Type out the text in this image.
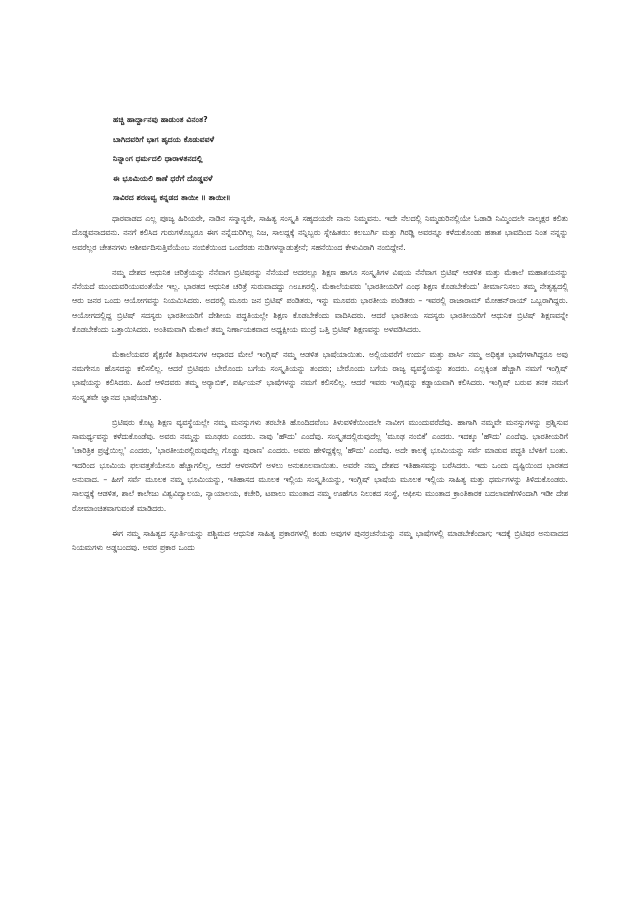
ಹಚ್ಚಿ ಹಾರ್ದ್ದಾನವು ಹಾಡುಂತ ವಿನಂತ?
ಬಾಗಿದವರಿಗೆ ಭಾಗ ಹೃದಯ ಕೊಡುವವಳೆ
ನಿನ್ನಾಂಗ ಧರ್ಮದಲಿ ಧಾರಾಳತನದಲ್ಲಿ
ಈ ಭೂಮಿಯಲಿ ಕಾಣೆ ಧರೆಗೆ ದೊಡ್ಡವಳೆ
ಸಾವಿರದ ಶರಣವ್ವ ಕನ್ನಡದ ತಾಯೀ ॥ ತಾಯೀ॥

ಧಾರವಾಡದ ಎಲ್ಲ ಪೂಜ್ಯ ಹಿರಿಯರೇ, ನಾಡಿನ ಸನ್ಮಾನ್ಯರೇ, ಸಾಹಿತ್ಯ ಸಂಸ್ಕೃತಿ ಸಹೃದಯರೇ ನಾನು ನಿಮ್ಮವನು. ಇದೇ ನೆಲದಲ್ಲಿ ನಿಮ್ಮಡುರಿನಲ್ಲಿಯೇ ಓಡಾಡಿ ನಿಮ್ಮಿಂದಲೇ ನಾಲ್ಕಕ್ಷರ ಕಲಿತು ದೊಡ್ಡವನಾದವನು. ನನಗೆ ಕಲಿಸಿದ ಗುರುಗಳೊಬ್ಬರೂ ಈಗ ನನ್ನೆದುರಿಗಿಲ್ಲ ನಿಜ, ಸಾಲದ್ದಕ್ಕೆ ನನ್ನಿಬ್ಬರು ಸ್ನೇಹಿತರು: ಕಲಬುರ್ಗಿ ಮತ್ತು ಗಿರಡ್ಡಿ ಅವರನ್ನೂ ಕಳೆದುಕೊಂಡು ಹತಾಶ ಭಾವದಿಂದ ನಿಂತ ನನ್ನನ್ನು ಅವರೆಲ್ಲರ ಚೇತನಗಳು ಆಶೀರ್ವದಿಸುತ್ತಿವೆಯೆಂಬ ನಂಬಿಕೆಯಿಂದ ಒಂದೆರಡು ನುಡಿಗಳನ್ನಾಡುತ್ತೇನೆ; ಸಹನೆಯಿಂದ ಕೇಳುವಿರಾಗಿ ನಂಬಿದ್ದೇನೆ.

ನಮ್ಮ ದೇಶದ ಆಧುನಿಕ ಚರಿತ್ರೆಯನ್ನು ನೆನೆವಾಗ ಬ್ರಿಟಿಷರನ್ನು ನೆನೆಯದೆ ಅದರಲ್ಲೂ ಶಿಕ್ಷಣ ಹಾಗೂ ಸಂಸ್ಕೃತಿಗಳ ವಿಷಯ ನೆನೆವಾಗ ಬ್ರಿಟಿಷ್ ಆಡಳಿತ ಮತ್ತು ಮೆಕಾಲೆ ಮಹಾಶಯನನ್ನು ನೆನೆಯದೆ ಮುಂದುವರಿಯುವಂತೆಯೇ ಇಲ್ಲ. ಭಾರತದ ಆಧುನಿಕ ಚರಿತ್ರೆ ಸುರುವಾದದ್ದು ೧೮೭೫ರಲ್ಲಿ. ಮೆಕಾಲೆಯವರು 'ಭಾರತೀಯರಿಗೆ ಎಂಥ ಶಿಕ್ಷಣ ಕೊಡಬೇಕೆಂದು' ತೀರ್ಮಾನಿಸಲು ತಮ್ಮ ನೇತೃತ್ವದಲ್ಲಿ ಆರು ಜನರ ಒಂದು ಆಯೋಗವನ್ನು ನಿಯಮಿಸಿದರು. ಅದರಲ್ಲಿ ಮೂರು ಜನ ಬ್ರಿಟಿಷ್ ಪಂಡಿತರು, ಇನ್ನು ಮೂವರು ಭಾರತೀಯ ಪಂಡಿತರು – ಇವರಲ್ಲಿ ರಾಜಾರಾಮ್ ಮೋಹನ್‌ರಾಯ್ ಒಬ್ಬರಾಗಿದ್ದರು. ಆಯೋಗದಲ್ಲಿದ್ದ ಬ್ರಿಟಿಷ್ ಸದಸ್ಯರು ಭಾರತೀಯರಿಗೆ ದೇಶೀಯ ಪದ್ಧತಿಯಲ್ಲೇ ಶಿಕ್ಷಣ ಕೊಡಬೇಕೆಂದು ವಾದಿಸಿದರು. ಆದರೆ ಭಾರತೀಯ ಸದಸ್ಯರು ಭಾರತೀಯರಿಗೆ ಆಧುನಿಕ ಬ್ರಿಟಿಷ್ ಶಿಕ್ಷಣವನ್ನೇ ಕೊಡಬೇಕೆಂದು ಒತ್ತಾಯಿಸಿದರು. ಅಂತಿಮವಾಗಿ ಮೆಕಾಲೆ ತಮ್ಮ ನಿರ್ಣಾಯಕವಾದ ಅಧ್ಯಕ್ಷೀಯ ಮುದ್ರೆ ಒತ್ತಿ ಬ್ರಿಟಿಷ್ ಶಿಕ್ಷಣವನ್ನು ಅಳವಡಿಸಿದರು.

ಮೆಕಾಲೆಯವರ ಶೈಕ್ಷಣಿಕ ಶಿಫಾರಸುಗಳ ಆಧಾರದ ಮೇಲೆ ಇಂಗ್ಲಿಷ್ ನಮ್ಮ ಆಡಳಿತ ಭಾಷೆಯಾಯಿತು. ಅಲ್ಲಿಯವರೆಗೆ ಉರ್ದು ಮತ್ತು ಪಾರ್ಸಿ ನಮ್ಮ ಅಧಿಕೃತ ಭಾಷೆಗಳಾಗಿದ್ದರೂ ಅವು ನಮಗೇನೂ ಹೊಸದನ್ನು ಕಲಿಸಲಿಲ್ಲ. ಆದರೆ ಬ್ರಿಟಿಷರು ಬೇರೊಂದು ಬಗೆಯ ಸಂಸ್ಕೃತಿಯನ್ನು ತಂದರು; ಬೇರೊಂದು ಬಗೆಯ ರಾಜ್ಯ ವ್ಯವಸ್ಥೆಯನ್ನು ತಂದರು. ಎಲ್ಲಕ್ಕಿಂತ ಹೆಚ್ಚಾಗಿ ನಮಗೆ ಇಂಗ್ಲಿಷ್ ಭಾಷೆಯನ್ನು ಕಲಿಸಿದರು. ಹಿಂದೆ ಆಳಿದವರು ತಮ್ಮ ಅರ್‍ಯಾಬಿಕ್, ಪರ್ಷಿಯನ್ ಭಾಷೆಗಳನ್ನು ನಮಗೆ ಕಲಿಸಲಿಲ್ಲ. ಆದರೆ ಇವರು ಇಂಗ್ಲಿಷನ್ನು ಕಡ್ಡಾಯವಾಗಿ ಕಲಿಸಿದರು. ಇಂಗ್ಲಿಷ್ ಬರುವ ತನಕ ನಮಗೆ ಸಂಸ್ಕೃತವೇ ಜ್ಞಾನದ ಭಾಷೆಯಾಗಿತ್ತು.

ಬ್ರಿಟಿಷರು ಕೊಟ್ಟ ಶಿಕ್ಷಣ ವ್ಯವಸ್ಥೆಯಲ್ಲೇ ನಮ್ಮ ಮನಸ್ಸುಗಳು ತರಬೇತಿ ಹೊಂದಿದವೆಂಬ ತಿಳುವಳಿಕೆಯಿಂದಲೇ ನಾವೀಗ ಮುಂದುವರೆದೆವು. ಹಾಗಾಗಿ ನಮ್ಮವೇ ಮನಸ್ಸುಗಳನ್ನು ಪ್ರಶ್ನಿಸುವ ಸಾಮರ್ಥ್ಯವನ್ನು ಕಳೆದುಕೊಂಡೆವು. ಅವರು ನಮ್ಮನ್ನು ಮೂಢರು ಎಂದರು. ನಾವು 'ಹೌದು' ಎಂದೆವು. ಸಂಸ್ಕೃತದಲ್ಲಿರುವುದೆಲ್ಲ 'ಮೂಢ ನಂಬಿಕೆ' ಎಂದರು. ಇದಕ್ಕೂ 'ಹೌದು' ಎಂದೆವು. ಭಾರತೀಯರಿಗೆ 'ಚಾರಿತ್ರಿಕ ಪ್ರಜ್ಞೆಯಿಲ್ಲ' ಎಂದರು, 'ಭಾರತೀಯರಲ್ಲಿರುವುದೆಲ್ಲ ಗೊಡ್ಡು ಪುರಾಣ' ಎಂದರು. ಅವರು ಹೇಳಿದ್ದಕ್ಕೆಲ್ಲ 'ಹೌದು' ಎಂದೆವು. ಅದೇ ಕಾಲಕ್ಕೆ ಭೂಮಿಯನ್ನು ಸರ್ವೆ ಮಾಡುವ ಪದ್ಧತಿ ಬೆಳಕಿಗೆ ಬಂತು. ಇದರಿಂದ ಭೂಮಿಯ ಫಲವತ್ತತೆಯೇನೂ ಹೆಚ್ಚಾಗಲಿಲ್ಲ, ಆದರೆ ಆಳರಸರಿಗೆ ಅಳಲು ಅನುಕೂಲವಾಯಿತು. ಅವರೇ ನಮ್ಮ ದೇಶದ ಇತಿಹಾಸವನ್ನು ಬರೆಸಿದರು. ಇದು ಒಂದು ದೃಷ್ಟಿಯಿಂದ ಭಾರತದ ಅನುವಾದ. – ಹೀಗೆ ಸರ್ವೆ ಮೂಲಕ ನಮ್ಮ ಭೂಮಿಯನ್ನು, ಇತಿಹಾಸದ ಮೂಲಕ ಇಲ್ಲಿಯ ಸಂಸ್ಕೃತಿಯನ್ನು, ಇಂಗ್ಲಿಷ್ ಭಾಷೆಯ ಮೂಲಕ ಇಲ್ಲಿಯ ಸಾಹಿತ್ಯ ಮತ್ತು ಧರ್ಮಗಳನ್ನು ತಿಳಿದುಕೊಂಡರು. ಸಾಲದ್ದಕ್ಕೆ ಆಡಳಿತ, ಶಾಲೆ ಕಾಲೇಜು ವಿಶ್ವವಿದ್ಯಾಲಯ, ನ್ಯಾಯಾಲಯ, ಕಚೇರಿ, ಟಪಾಲು ಮುಂತಾದ ನಮ್ಮ ಊಹೆಗೂ ನಿಲುಕದ ಸಂಸ್ಥೆ, ಆಫೀಸು ಮುಂತಾದ ಕ್ರಾಂತಿಕಾರಕ ಬದಲಾವಣೆಗಳಿಂದಾಗಿ ಇಡೀ ದೇಶ ರೋಮಾಂಚಿತವಾಗುವಂತೆ ಮಾಡಿದರು.

ಈಗ ನಮ್ಮ ಸಾಹಿತ್ಯದ ಸ್ಫೂರ್ತಿಯನ್ನು ಪಶ್ಚಿಮದ ಆಧುನಿಕ ಸಾಹಿತ್ಯ ಪ್ರಕಾರಗಳಲ್ಲಿ ಕಂಡು ಅವುಗಳ ಪುನರ್ರಚನೆಯನ್ನು ನಮ್ಮ ಭಾಷೆಗಳಲ್ಲಿ ಮಾಡಬೇಕೆಂದಾಗ; ಇದಕ್ಕೆ ಬ್ರಿಟಿಷರ ಅನುವಾದದ ನಿಯಮಗಳು ಅಡ್ಡಬಂದವು. ಅವರ ಪ್ರಕಾರ ಒಂದು
